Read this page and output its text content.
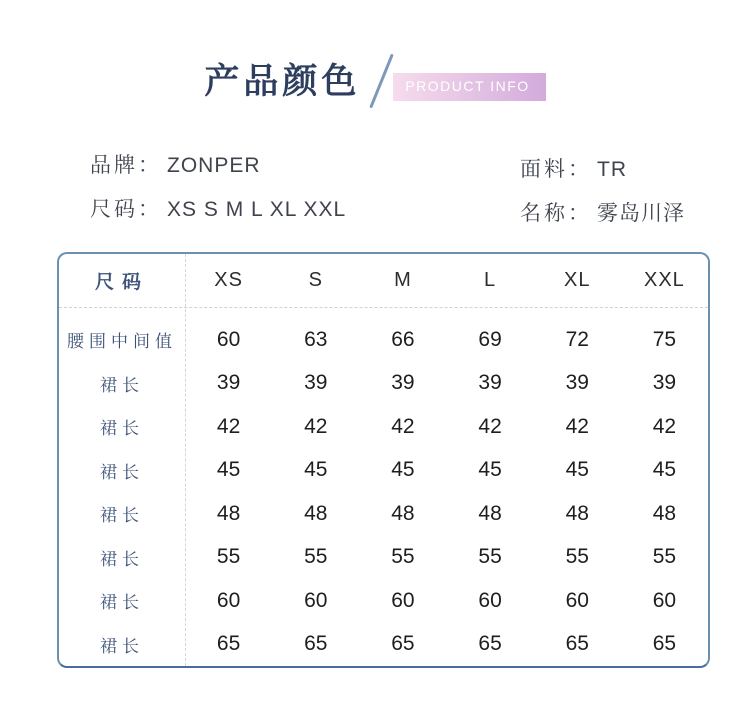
产品颜色	PRODUCT INFO
品牌： ZONPER
尺码： XS S M L XL XXL
面料： TR
名称： 雾岛川泽
尺码	XS	S	M	L	XL	XXL
腰围中间值	60	63	66	69	72	75
裙长	39	39	39	39	39	39
裙长	42	42	42	42	42	42
裙长	45	45	45	45	45	45
裙长	48	48	48	48	48	48
裙长	55	55	55	55	55	55
裙长	60	60	60	60	60	60
裙长	65	65	65	65	65	65
